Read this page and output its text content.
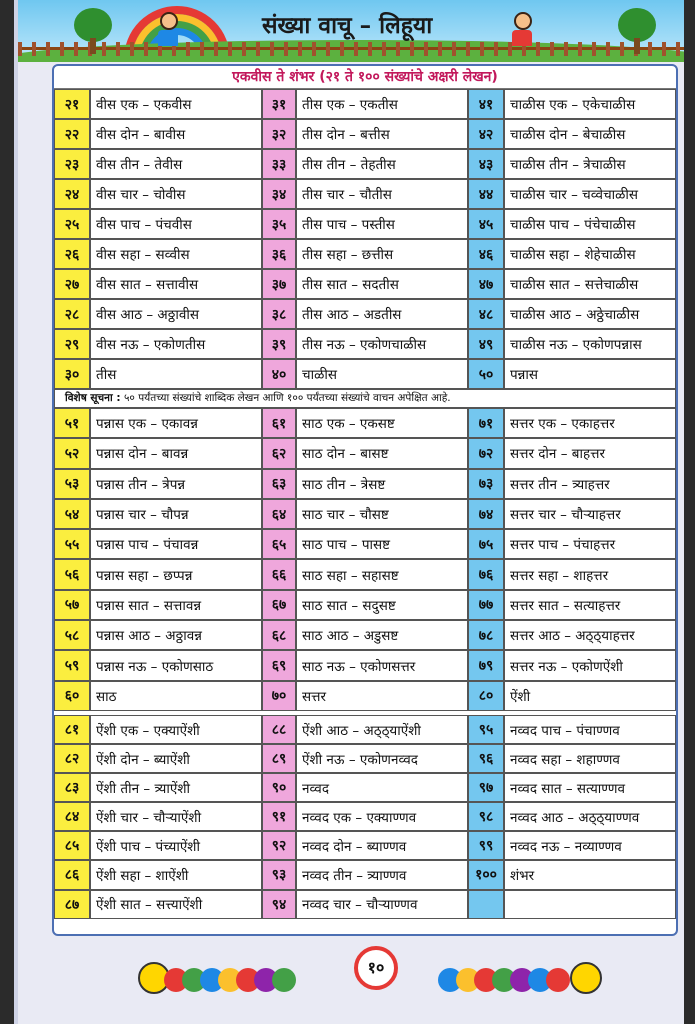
संख्या वाचू – लिहूया
एकवीस ते शंभर (२१ ते १०० संख्यांचे अक्षरी लेखन)
२१	वीस एक – एकवीस	३१	तीस एक – एकतीस	४१	चाळीस एक – एकेचाळीस
२२	वीस दोन – बावीस	३२	तीस दोन – बत्तीस	४२	चाळीस दोन – बेचाळीस
२३	वीस तीन – तेवीस	३३	तीस तीन – तेहतीस	४३	चाळीस तीन – त्रेचाळीस
२४	वीस चार – चोवीस	३४	तीस चार – चौतीस	४४	चाळीस चार – चव्वेचाळीस
२५	वीस पाच – पंचवीस	३५	तीस पाच – पस्तीस	४५	चाळीस पाच – पंचेचाळीस
२६	वीस सहा – सव्वीस	३६	तीस सहा – छत्तीस	४६	चाळीस सहा – शेहेचाळीस
२७	वीस सात – सत्तावीस	३७	तीस सात – सदतीस	४७	चाळीस सात – सत्तेचाळीस
२८	वीस आठ – अठ्ठावीस	३८	तीस आठ – अडतीस	४८	चाळीस आठ – अठ्ठेचाळीस
२९	वीस नऊ – एकोणतीस	३९	तीस नऊ – एकोणचाळीस	४९	चाळीस नऊ – एकोणपन्नास
३०	तीस	४०	चाळीस	५०	पन्नास
विशेष सूचना : ५० पर्यंतच्या संख्यांचे शाब्दिक लेखन आणि १०० पर्यंतच्या संख्यांचे वाचन अपेक्षित आहे.
५१	पन्नास एक – एकावन्न	६१	साठ एक – एकसष्ट	७१	सत्तर एक – एकाहत्तर
५२	पन्नास दोन – बावन्न	६२	साठ दोन – बासष्ट	७२	सत्तर दोन – बाहत्तर
५३	पन्नास तीन – त्रेपन्न	६३	साठ तीन – त्रेसष्ट	७३	सत्तर तीन – त्र्याहत्तर
५४	पन्नास चार – चौपन्न	६४	साठ चार – चौसष्ट	७४	सत्तर चार – चौऱ्याहत्तर
५५	पन्नास पाच – पंचावन्न	६५	साठ पाच – पासष्ट	७५	सत्तर पाच – पंचाहत्तर
५६	पन्नास सहा – छप्पन्न	६६	साठ सहा – सहासष्ट	७६	सत्तर सहा – शाहत्तर
५७	पन्नास सात – सत्तावन्न	६७	साठ सात – सदुसष्ट	७७	सत्तर सात – सत्याहत्तर
५८	पन्नास आठ – अठ्ठावन्न	६८	साठ आठ – अडुसष्ट	७८	सत्तर आठ – अठ्ठ्याहत्तर
५९	पन्नास नऊ – एकोणसाठ	६९	साठ नऊ – एकोणसत्तर	७९	सत्तर नऊ – एकोणऐंशी
६०	साठ	७०	सत्तर	८०	ऐंशी
८१	ऐंशी एक – एक्याऐंशी	८८	ऐंशी आठ – अठ्ठ्याऐंशी	९५	नव्वद पाच – पंचाण्णव
८२	ऐंशी दोन – ब्याऐंशी	८९	ऐंशी नऊ – एकोणनव्वद	९६	नव्वद सहा – शहाण्णव
८३	ऐंशी तीन – त्र्याऐंशी	९०	नव्वद	९७	नव्वद सात – सत्याण्णव
८४	ऐंशी चार – चौऱ्याऐंशी	९१	नव्वद एक – एक्याण्णव	९८	नव्वद आठ – अठ्ठ्याण्णव
८५	ऐंशी पाच – पंच्याऐंशी	९२	नव्वद दोन – ब्याण्णव	९९	नव्वद नऊ – नव्याण्णव
८६	ऐंशी सहा – शाऐंशी	९३	नव्वद तीन – त्र्याण्णव	१०० शंभर
८७	ऐंशी सात – सत्त्याऐंशी	९४	नव्वद चार – चौऱ्याण्णव
१०
